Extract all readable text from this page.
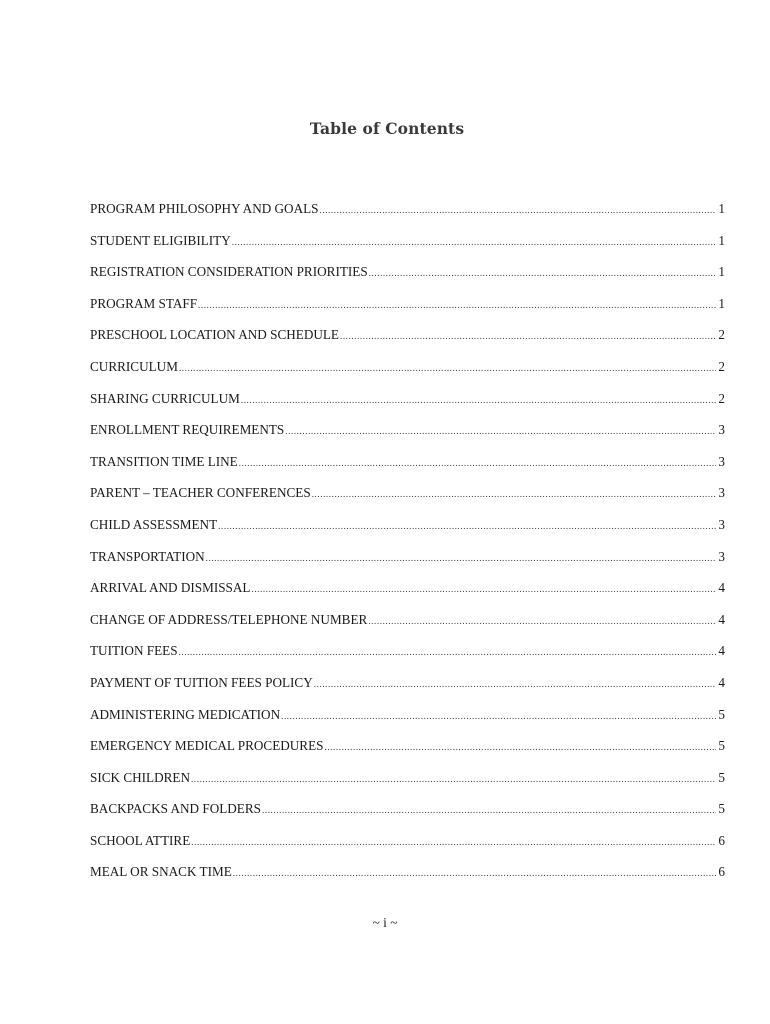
Table of Contents
PROGRAM PHILOSOPHY AND GOALS .....	1
STUDENT ELIGIBILITY .....	1
REGISTRATION CONSIDERATION PRIORITIES .....	1
PROGRAM STAFF .....	1
PRESCHOOL LOCATION AND SCHEDULE .....	2
CURRICULUM .....	2
SHARING CURRICULUM .....	2
ENROLLMENT REQUIREMENTS .....	3
TRANSITION TIME LINE .....	3
PARENT – TEACHER CONFERENCES .....	3
CHILD ASSESSMENT .....	3
TRANSPORTATION .....	3
ARRIVAL AND DISMISSAL .....	4
CHANGE OF ADDRESS/TELEPHONE NUMBER .....	4
TUITION FEES .....	4
PAYMENT OF TUITION FEES POLICY .....	4
ADMINISTERING MEDICATION .....	5
EMERGENCY MEDICAL PROCEDURES .....	5
SICK CHILDREN .....	5
BACKPACKS AND FOLDERS .....	5
SCHOOL ATTIRE .....	6
MEAL OR SNACK TIME .....	6
~ i ~
